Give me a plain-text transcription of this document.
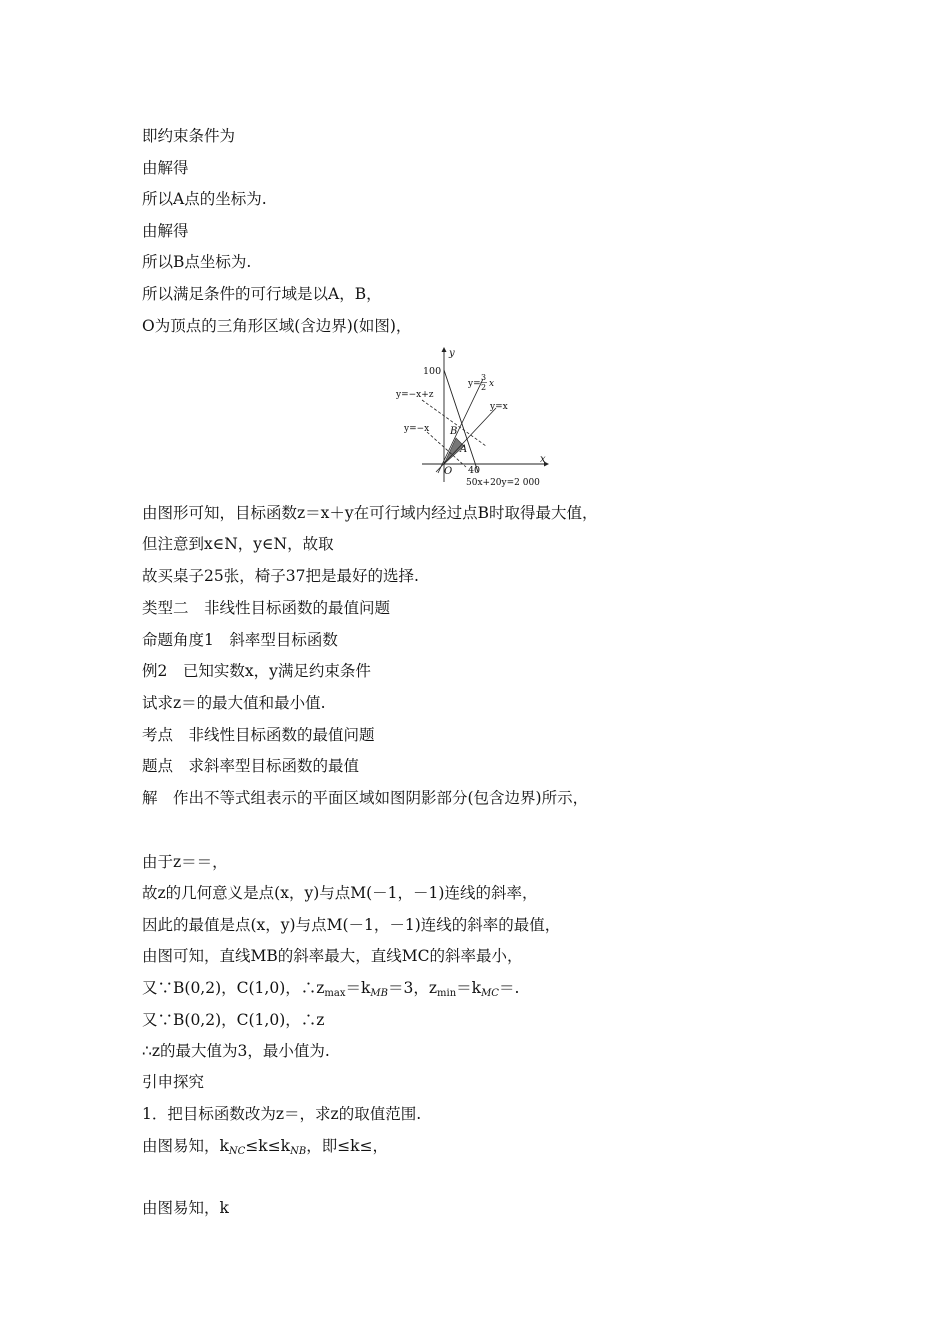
即约束条件为
由解得
所以A点的坐标为.
由解得
所以B点坐标为.
所以满足条件的可行域是以A，B，
O为顶点的三角形区域(含边界)(如图)，
y
x
O
100
40
y=
3
2 x
y=x
y=−x+z
y=−x B
A
50x+20y=2 000
由图形可知，目标函数z＝x＋y在可行域内经过点B时取得最大值，
但注意到x∈N，y∈N，故取
故买桌子25张，椅子37把是最好的选择.
类型二　非线性目标函数的最值问题
命题角度1　斜率型目标函数
例2　已知实数x，y满足约束条件
试求z＝的最大值和最小值.
考点　非线性目标函数的最值问题
题点　求斜率型目标函数的最值
解　作出不等式组表示的平面区域如图阴影部分(包含边界)所示，
由于z＝＝，
故z的几何意义是点(x，y)与点M(－1，－1)连线的斜率，
因此的最值是点(x，y)与点M(－1，－1)连线的斜率的最值，
由图可知，直线MB的斜率最大，直线MC的斜率最小，
又∵B(0,2)，C(1,0)，$\therefore z_{max}=k_{MB}=3$，$z_{min}=k_{MC}=$.
又∵B(0,2)，C(1,0)，∴z
∴z的最大值为3，最小值为.
引申探究
1．把目标函数改为z＝，求z的取值范围.
由图易知，$k_{NC}\le k\le k_{NB}$，即≤k≤，
由图易知，k
